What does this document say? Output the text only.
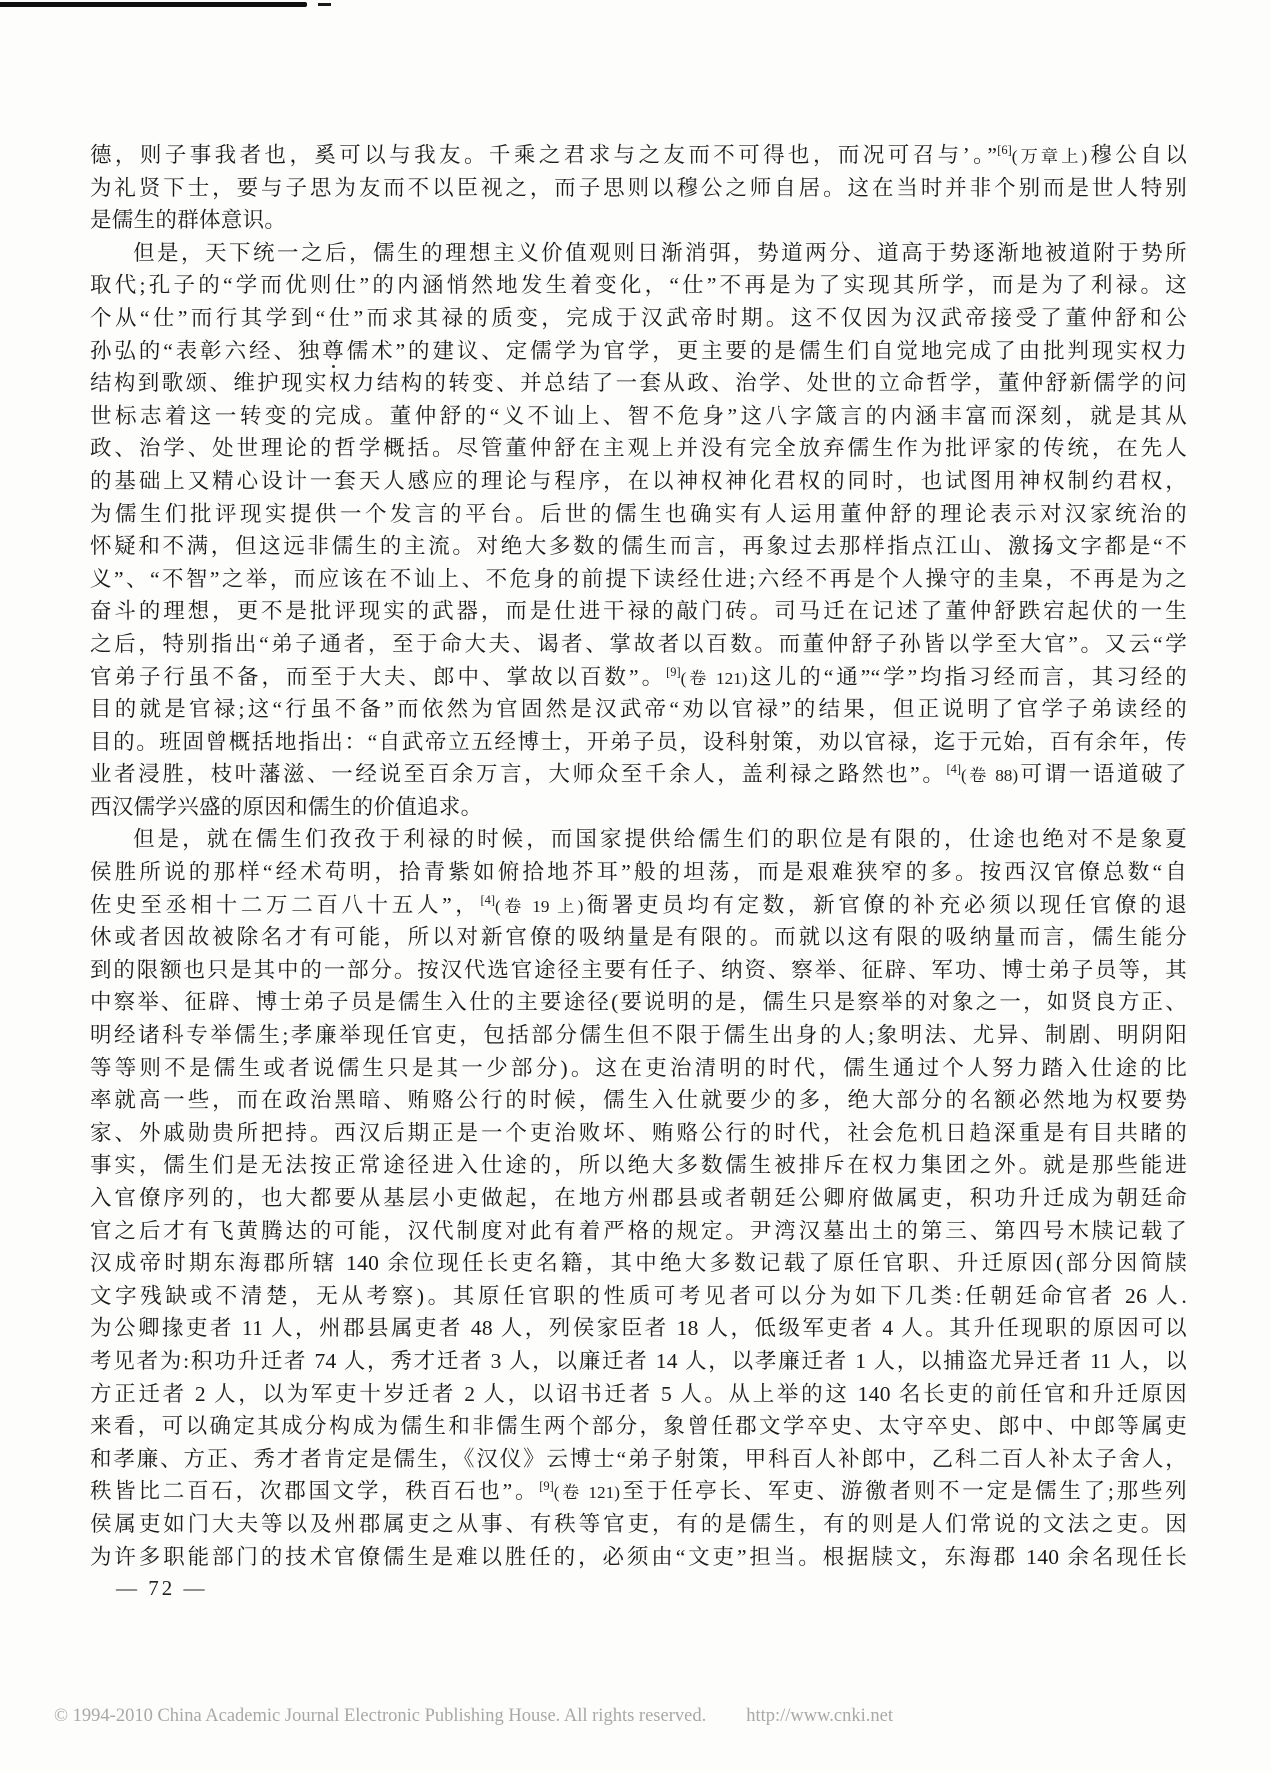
德，则子事我者也，奚可以与我友。千乘之君求与之友而不可得也，而况可召与’。”[6](万章上)穆公自以
为礼贤下士，要与子思为友而不以臣视之，而子思则以穆公之师自居。这在当时并非个别而是世人特别
是儒生的群体意识。
但是，天下统一之后，儒生的理想主义价值观则日渐消弭，势道两分、道高于势逐渐地被道附于势所
取代;孔子的“学而优则仕”的内涵悄然地发生着变化，“仕”不再是为了实现其所学，而是为了利禄。这
个从“仕”而行其学到“仕”而求其禄的质变，完成于汉武帝时期。这不仅因为汉武帝接受了董仲舒和公
孙弘的“表彰六经、独尊儒术”的建议、定儒学为官学，更主要的是儒生们自觉地完成了由批判现实权力
结构到歌颂、维护现实权力结构的转变、并总结了一套从政、治学、处世的立命哲学，董仲舒新儒学的问
世标志着这一转变的完成。董仲舒的“义不讪上、智不危身”这八字箴言的内涵丰富而深刻，就是其从
政、治学、处世理论的哲学概括。尽管董仲舒在主观上并没有完全放弃儒生作为批评家的传统，在先人
的基础上又精心设计一套天人感应的理论与程序，在以神权神化君权的同时，也试图用神权制约君权，
为儒生们批评现实提供一个发言的平台。后世的儒生也确实有人运用董仲舒的理论表示对汉家统治的
怀疑和不满，但这远非儒生的主流。对绝大多数的儒生而言，再象过去那样指点江山、激扬文字都是“不
义”、“不智”之举，而应该在不讪上、不危身的前提下读经仕进;六经不再是个人操守的圭臬，不再是为之
奋斗的理想，更不是批评现实的武器，而是仕进干禄的敲门砖。司马迁在记述了董仲舒跌宕起伏的一生
之后，特别指出“弟子通者，至于命大夫、谒者、掌故者以百数。而董仲舒子孙皆以学至大官”。又云“学
官弟子行虽不备，而至于大夫、郎中、掌故以百数”。[9](卷 121)这儿的“通”“学”均指习经而言，其习经的
目的就是官禄;这“行虽不备”而依然为官固然是汉武帝“劝以官禄”的结果，但正说明了官学子弟读经的
目的。班固曾概括地指出：“自武帝立五经博士，开弟子员，设科射策，劝以官禄，迄于元始，百有余年，传
业者浸胜，枝叶藩滋、一经说至百余万言，大师众至千余人，盖利禄之路然也”。[4](卷 88)可谓一语道破了
西汉儒学兴盛的原因和儒生的价值追求。
但是，就在儒生们孜孜于利禄的时候，而国家提供给儒生们的职位是有限的，仕途也绝对不是象夏
侯胜所说的那样“经术苟明，拾青紫如俯拾地芥耳”般的坦荡，而是艰难狭窄的多。按西汉官僚总数“自
佐史至丞相十二万二百八十五人”，[4](卷 19 上)衙署吏员均有定数，新官僚的补充必须以现任官僚的退
休或者因故被除名才有可能，所以对新官僚的吸纳量是有限的。而就以这有限的吸纳量而言，儒生能分
到的限额也只是其中的一部分。按汉代选官途径主要有任子、纳资、察举、征辟、军功、博士弟子员等，其
中察举、征辟、博士弟子员是儒生入仕的主要途径(要说明的是，儒生只是察举的对象之一，如贤良方正、
明经诸科专举儒生;孝廉举现任官吏，包括部分儒生但不限于儒生出身的人;象明法、尤异、制剧、明阴阳
等等则不是儒生或者说儒生只是其一少部分)。这在吏治清明的时代，儒生通过个人努力踏入仕途的比
率就高一些，而在政治黑暗、贿赂公行的时候，儒生入仕就要少的多，绝大部分的名额必然地为权要势
家、外戚勋贵所把持。西汉后期正是一个吏治败坏、贿赂公行的时代，社会危机日趋深重是有目共睹的
事实，儒生们是无法按正常途径进入仕途的，所以绝大多数儒生被排斥在权力集团之外。就是那些能进
入官僚序列的，也大都要从基层小吏做起，在地方州郡县或者朝廷公卿府做属吏，积功升迁成为朝廷命
官之后才有飞黄腾达的可能，汉代制度对此有着严格的规定。尹湾汉墓出土的第三、第四号木牍记载了
汉成帝时期东海郡所辖 140 余位现任长吏名籍，其中绝大多数记载了原任官职、升迁原因(部分因简牍
文字残缺或不清楚，无从考察)。其原任官职的性质可考见者可以分为如下几类:任朝廷命官者 26 人.
为公卿掾吏者 11 人，州郡县属吏者 48 人，列侯家臣者 18 人，低级军吏者 4 人。其升任现职的原因可以
考见者为:积功升迁者 74 人，秀才迁者 3 人，以廉迁者 14 人，以孝廉迁者 1 人，以捕盗尤异迁者 11 人，以
方正迁者 2 人，以为军吏十岁迁者 2 人，以诏书迁者 5 人。从上举的这 140 名长吏的前任官和升迁原因
来看，可以确定其成分构成为儒生和非儒生两个部分，象曾任郡文学卒史、太守卒史、郎中、中郎等属吏
和孝廉、方正、秀才者肯定是儒生，《汉仪》云博士“弟子射策，甲科百人补郎中，乙科二百人补太子舍人，
秩皆比二百石，次郡国文学，秩百石也”。[9](卷 121)至于任亭长、军吏、游徼者则不一定是儒生了;那些列
侯属吏如门大夫等以及州郡属吏之从事、有秩等官吏，有的是儒生，有的则是人们常说的文法之吏。因
为许多职能部门的技术官僚儒生是难以胜任的，必须由“文吏”担当。根据牍文，东海郡 140 余名现任长
— 72 —
© 1994-2010 China Academic Journal Electronic Publishing House. All rights reserved. http://www.cnki.net
